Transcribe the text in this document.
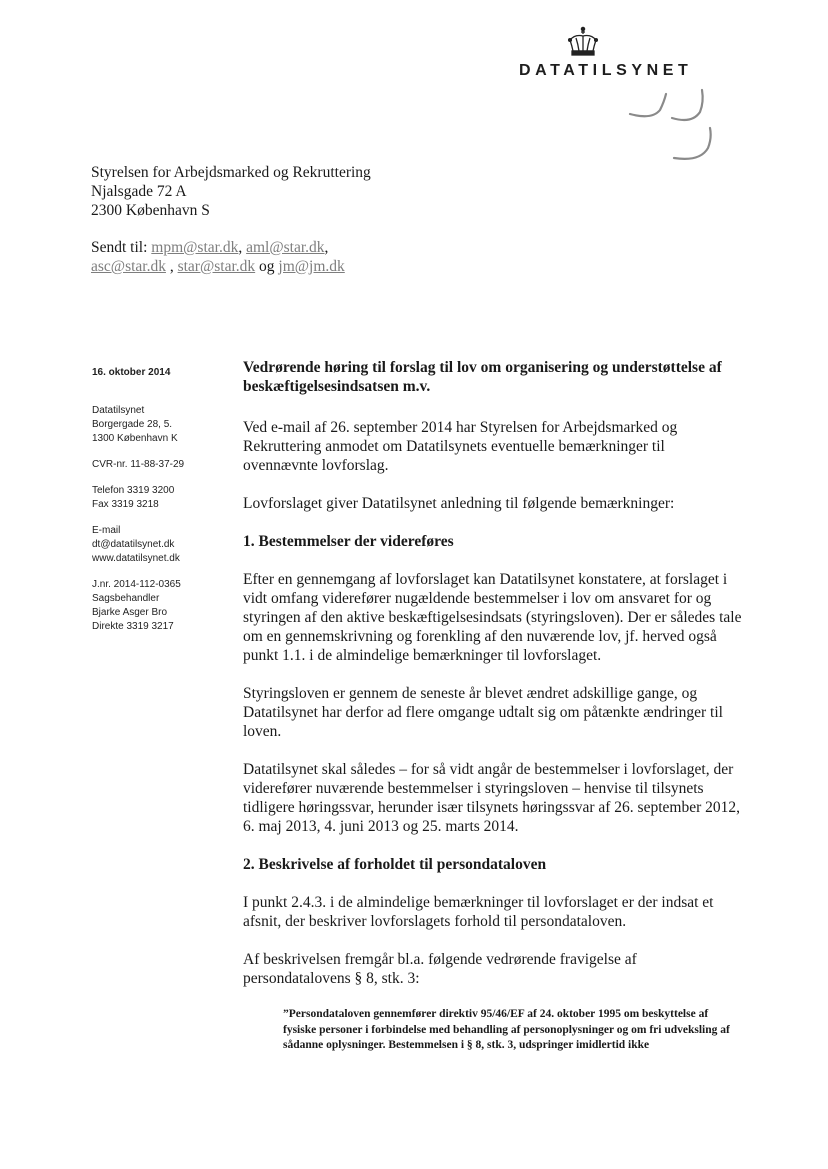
DATATILSYNET
Styrelsen for Arbejdsmarked og Rekruttering
Njalsgade 72 A
2300 København S
Sendt til: mpm@star.dk, aml@star.dk,
asc@star.dk , star@star.dk og jm@jm.dk
16. oktober 2014
Datatilsynet
Borgergade 28, 5.
1300 København K
CVR-nr. 11-88-37-29
Telefon 3319 3200
Fax 3319 3218
E-mail
dt@datatilsynet.dk
www.datatilsynet.dk
J.nr. 2014-112-0365
Sagsbehandler
Bjarke Asger Bro
Direkte 3319 3217

Vedrørende høring til forslag til lov om organisering og understøttelse af beskæftigelsesindsatsen m.v.

Ved e-mail af 26. september 2014 har Styrelsen for Arbejdsmarked og Rekruttering anmodet om Datatilsynets eventuelle bemærkninger til ovennævnte lovforslag.

Lovforslaget giver Datatilsynet anledning til følgende bemærkninger:

1. Bestemmelser der videreføres

Efter en gennemgang af lovforslaget kan Datatilsynet konstatere, at forslaget i vidt omfang viderefører nugældende bestemmelser i lov om ansvaret for og styringen af den aktive beskæftigelsesindsats (styringsloven). Der er således tale om en gennemskrivning og forenkling af den nuværende lov, jf. herved også punkt 1.1. i de almindelige bemærkninger til lovforslaget.

Styringsloven er gennem de seneste år blevet ændret adskillige gange, og Datatilsynet har derfor ad flere omgange udtalt sig om påtænkte ændringer til loven.

Datatilsynet skal således – for så vidt angår de bestemmelser i lovforslaget, der viderefører nuværende bestemmelser i styringsloven – henvise til tilsynets tidligere høringssvar, herunder især tilsynets høringssvar af 26. september 2012, 6. maj 2013, 4. juni 2013 og 25. marts 2014.

2. Beskrivelse af forholdet til persondataloven

I punkt 2.4.3. i de almindelige bemærkninger til lovforslaget er der indsat et afsnit, der beskriver lovforslagets forhold til persondataloven.

Af beskrivelsen fremgår bl.a. følgende vedrørende fravigelse af persondatalovens § 8, stk. 3:

”Persondataloven gennemfører direktiv 95/46/EF af 24. oktober 1995 om beskyttelse af fysiske personer i forbindelse med behandling af personoplysninger og om fri udveksling af sådanne oplysninger. Bestemmelsen i § 8, stk. 3, udspringer imidlertid ikke
